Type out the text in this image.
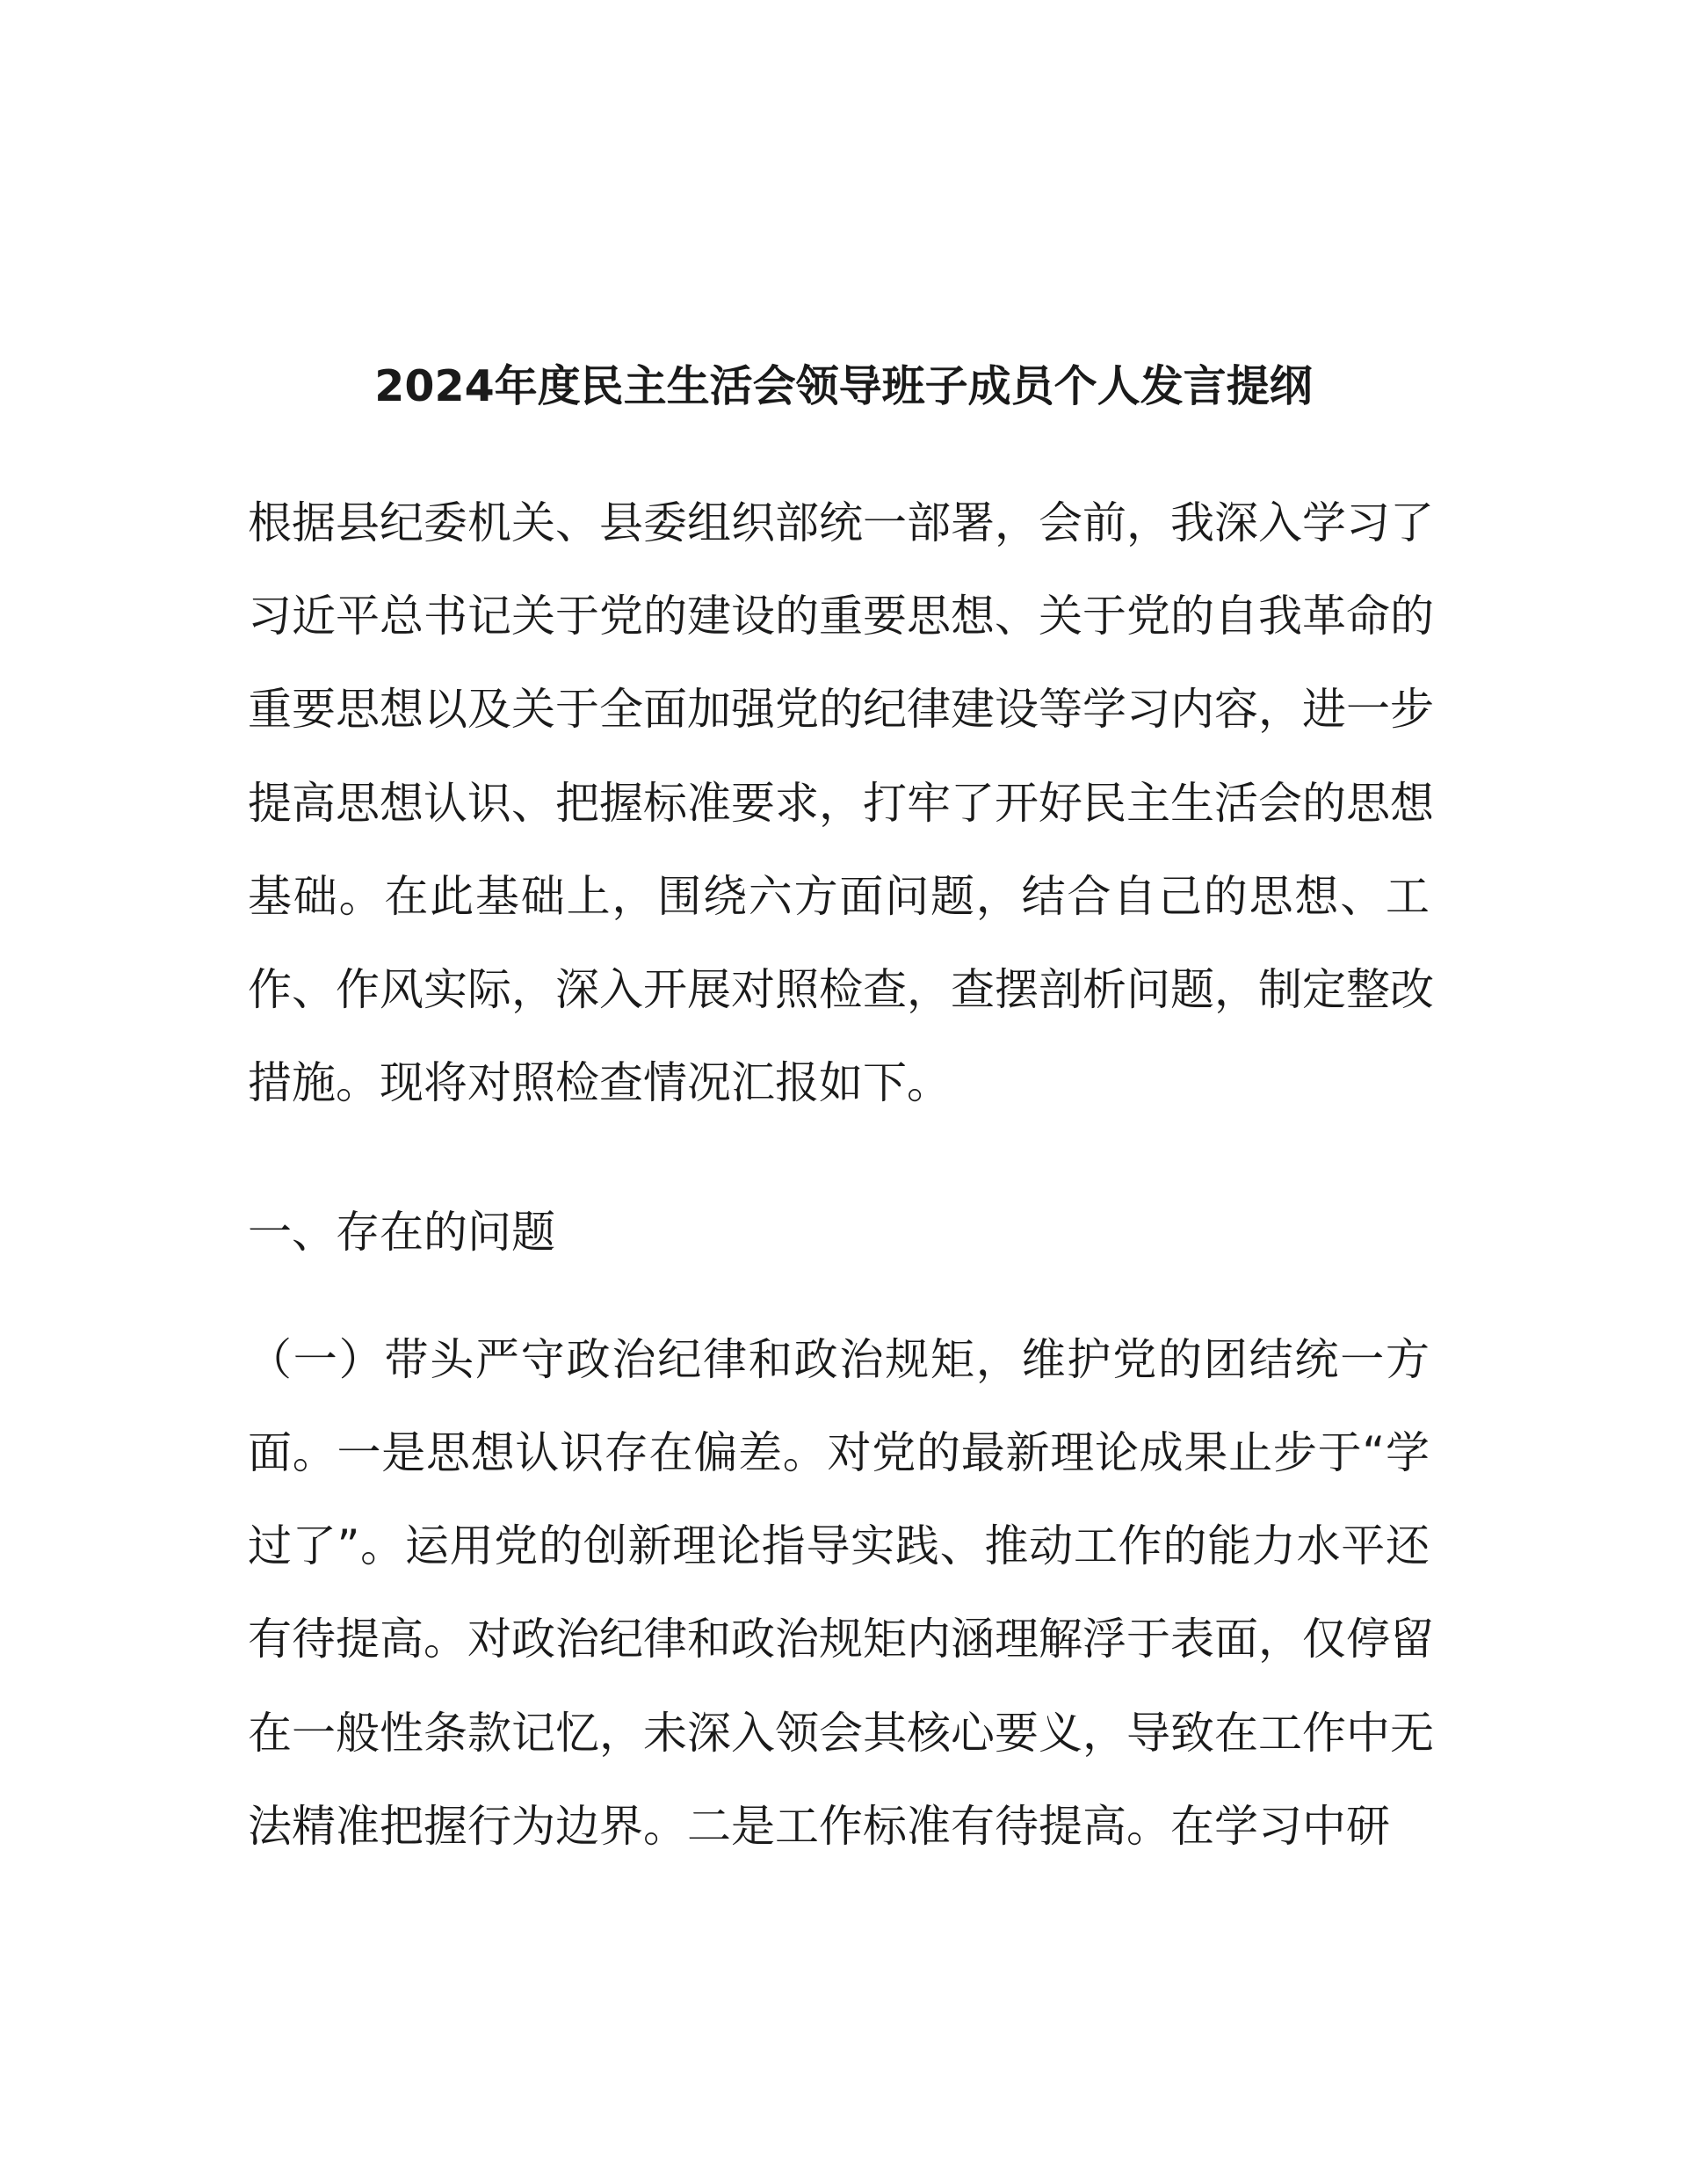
2024年度民主生活会领导班子成员个人发言提纲

根据县纪委机关、县委组织部统一部署，会前，我深入学习了

习近平总书记关于党的建设的重要思想、关于党的自我革命的

重要思想以及关于全面加强党的纪律建设等学习内容，进一步

提高思想认识、把握标准要求，打牢了开好民主生活会的思想

基础。在此基础上，围绕六方面问题，结合自己的思想、工

作、作风实际，深入开展对照检查，查摆剖析问题，制定整改

措施。现将对照检查情况汇报如下。

一、存在的问题

（一）带头严守政治纪律和政治规矩，维护党的团结统一方

面。一是思想认识存在偏差。对党的最新理论成果止步于“学

过了”。运用党的创新理论指导实践、推动工作的能力水平还

有待提高。对政治纪律和政治规矩内涵理解浮于表面，仅停留

在一般性条款记忆，未深入领会其核心要义，导致在工作中无

法精准把握行为边界。二是工作标准有待提高。在学习中研
